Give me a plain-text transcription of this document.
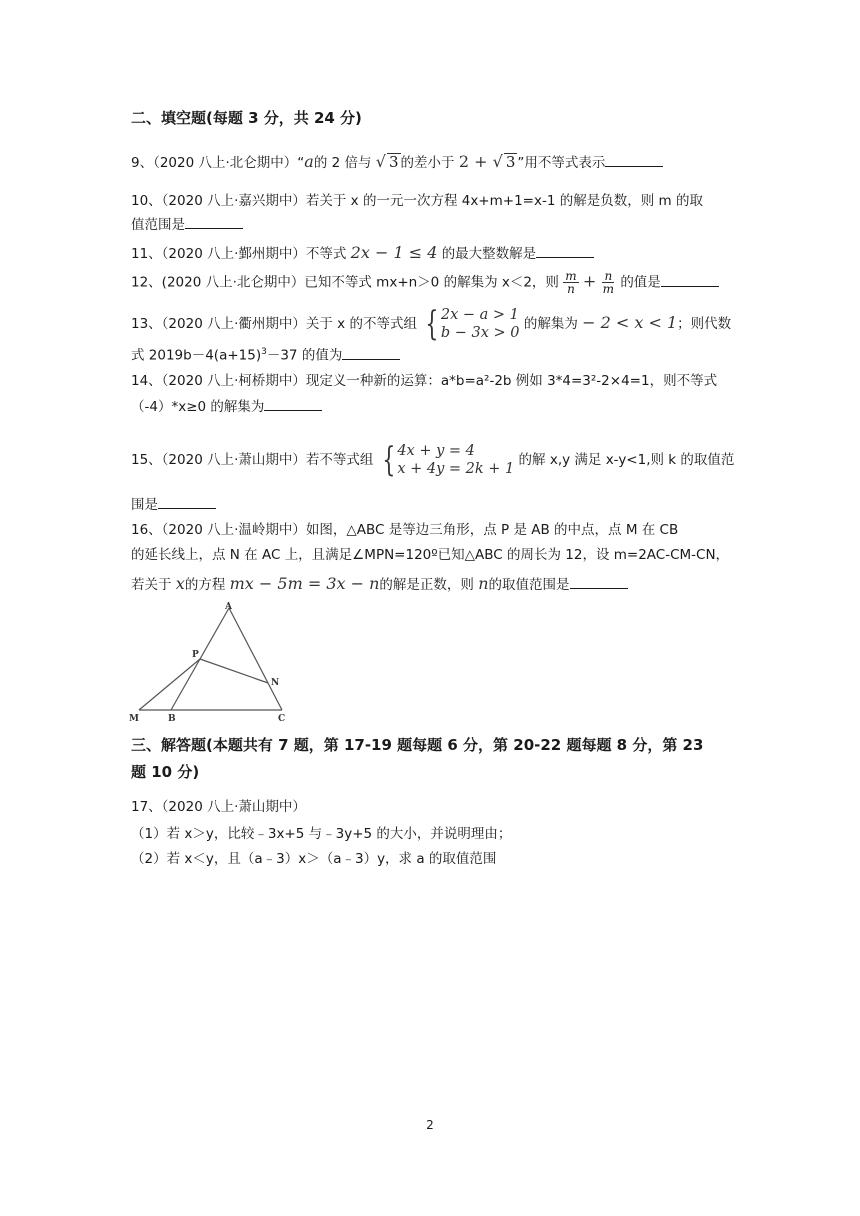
二、填空题(每题 3 分，共 24 分)
9、（2020 八上·北仑期中）“a的 2 倍与 √ 3 的差小于 2 + √ 3 ”用不等式表示
10、（2020 八上·嘉兴期中）若关于 x 的一元一次方程 4x+m+1=x-1 的解是负数，则 m 的取
值范围是
11、（2020 八上·鄞州期中）不等式 2x − 1 ≤ 4 的最大整数解是
12、(2020 八上·北仑期中）已知不等式 mx+n＞0 的解集为 x＜2，则 $\frac{m}{n} + \frac{n}{m}$ 的值是
13、（2020 八上·衢州期中）关于 x 的不等式组 { 2x − a > 1
b − 3x > 0
的解集为 − 2 < x < 1；则代数
式 $2019b-4(a+15)^3-37$ 的值为
14、（2020 八上·柯桥期中）现定义一种新的运算：a*b=a²-2b 例如 3*4=3²-2×4=1，则不等式
（-4）*x≥0 的解集为
15、（2020 八上·萧山期中）若不等式组 { 4x + y = 4
x + 4y = 2k + 1
的解 x,y 满足 x-y<1,则 k 的取值范
围是
16、（2020 八上·温岭期中）如图，△ABC 是等边三角形，点 P 是 AB 的中点，点 M 在 CB
的延长线上，点 N 在 AC 上，且满足∠MPN=120º已知△ABC 的周长为 12，设 m=2AC-CM-CN，
若关于 x的方程 mx − 5m = 3x − n的解是正数，则 n的取值范围是
A
P
N
M	B	C
三、解答题(本题共有 7 题，第 17-19 题每题 6 分，第 20-22 题每题 8 分，第 23
题 10 分)
17、（2020 八上·萧山期中）
（1）若 x＞y，比较﹣3x+5 与﹣3y+5 的大小，并说明理由；
（2）若 x＜y，且（a﹣3）x＞（a﹣3）y，求 a 的取值范围
2
